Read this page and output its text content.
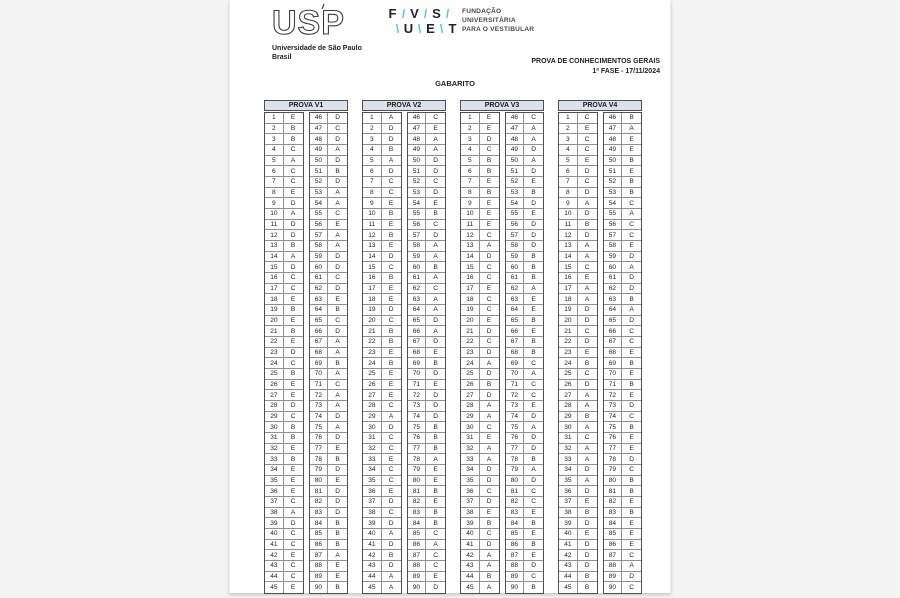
USP
Universidade de São Paulo
Brasil
F / V / S /
\ U \ E \ T
FUNDAÇÃO
UNIVERSITÁRIA
PARA O VESTIBULAR
PROVA DE CONHECIMENTOS GERAIS
1ª FASE - 17/11/2024
GABARITO
PROVA V1
1	E
2	B
3	B
4	C
5	A
6	C
7	C
8	E
9	D
10	A
11	D
12	D
13	B
14	A
15	D
16	C
17	C
18	E
19	B
20	E
21	B
22	E
23	D
24	C
25	B
26	E
27	E
28	D
29	C
30	B
31	B
32	E
33	B
34	E
35	E
36	E
37	C
38	A
39	D
40	C
41	C
42	E
43	C
44	C
45	E
46	D
47	C
48	D
49	A
50	D
51	B
52	D
53	A
54	A
55	C
56	E
57	A
58	A
59	D
60	D
61	C
62	D
63	E
64	B
65	C
66	D
67	A
68	A
69	B
70	A
71	C
72	A
73	A
74	D
75	A
76	D
77	E
78	B
79	D
80	E
81	D
82	D
83	D
84	B
85	B
86	B
87	A
88	E
89	E
90	B
PROVA V2
1	A
2	D
3	D
4	B
5	A
6	D
7	C
8	C
9	E
10	B
11	E
12	B
13	E
14	D
15	C
16	B
17	E
18	E
19	D
20	C
21	B
22	B
23	E
24	B
25	E
26	E
27	E
28	C
29	A
30	D
31	C
32	C
33	E
34	C
35	C
36	E
37	D
38	C
39	D
40	A
41	D
42	B
43	D
44	A
45	A
46	C
47	E
48	A
49	A
50	D
51	D
52	C
53	D
54	E
55	B
56	C
57	D
58	A
59	A
60	B
61	A
62	C
63	A
64	A
65	D
66	A
67	D
68	E
69	B
70	D
71	E
72	D
73	D
74	D
75	B
76	B
77	B
78	A
79	E
80	E
81	B
82	E
83	B
84	B
85	C
86	A
87	C
88	C
89	E
90	D
PROVA V3
1	E
2	E
3	D
4	C
5	B
6	B
7	E
8	B
9	E
10	E
11	E
12	C
13	A
14	D
15	C
16	C
17	E
18	C
19	C
20	E
21	D
22	C
23	D
24	A
25	D
26	B
27	D
28	A
29	A
30	C
31	E
32	A
33	A
34	D
35	D
36	C
37	D
38	E
39	B
40	C
41	D
42	A
43	A
44	B
45	A
46	C
47	A
48	A
49	D
50	A
51	D
52	E
53	B
54	D
55	E
56	D
57	D
58	D
59	B
60	B
61	B
62	A
63	E
64	E
65	B
66	E
67	B
68	B
69	C
70	A
71	C
72	C
73	E
74	D
75	A
76	D
77	D
78	B
79	A
80	D
81	C
82	C
83	E
84	B
85	E
86	B
87	E
88	D
89	C
90	B
PROVA V4
1	C
2	E
3	C
4	C
5	E
6	D
7	C
8	D
9	A
10	D
11	B
12	D
13	A
14	A
15	C
16	E
17	A
18	A
19	D
20	D
21	C
22	D
23	E
24	B
25	C
26	D
27	A
28	A
29	B
30	A
31	C
32	A
33	A
34	D
35	A
36	D
37	E
38	B
39	D
40	E
41	D
42	D
43	D
44	B
45	B
46	B
47	A
48	E
49	E
50	B
51	E
52	B
53	B
54	C
55	A
56	C
57	C
58	E
59	D
60	A
61	D
62	D
63	B
64	A
65	D
66	C
67	C
68	E
69	B
70	E
71	B
72	E
73	D
74	C
75	B
76	E
77	E
78	D
79	C
80	B
81	B
82	E
83	B
84	E
85	E
86	E
87	C
88	A
89	D
90	C
